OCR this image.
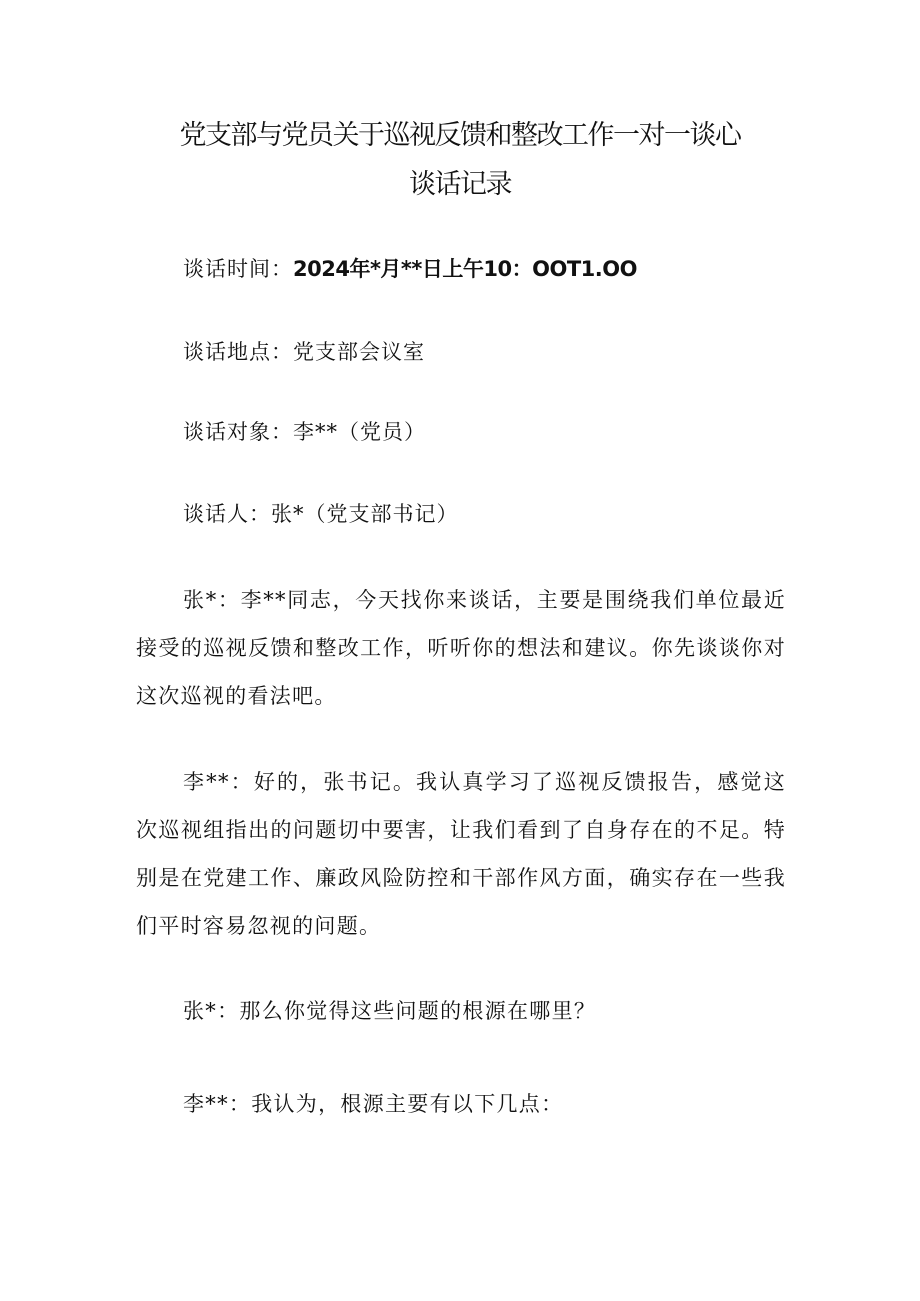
党支部与党员关于巡视反馈和整改工作一对一谈心
谈话记录
谈话时间：2024年*月**日上午10：OOT1.OO
谈话地点：党支部会议室
谈话对象：李**（党员）
谈话人：张*（党支部书记）

张*：李**同志，今天找你来谈话，主要是围绕我们单位最近接受的巡视反馈和整改工作，听听你的想法和建议。你先谈谈你对这次巡视的看法吧。

李**：好的，张书记。我认真学习了巡视反馈报告，感觉这次巡视组指出的问题切中要害，让我们看到了自身存在的不足。特别是在党建工作、廉政风险防控和干部作风方面，确实存在一些我们平时容易忽视的问题。

张*：那么你觉得这些问题的根源在哪里？

李**：我认为，根源主要有以下几点：
